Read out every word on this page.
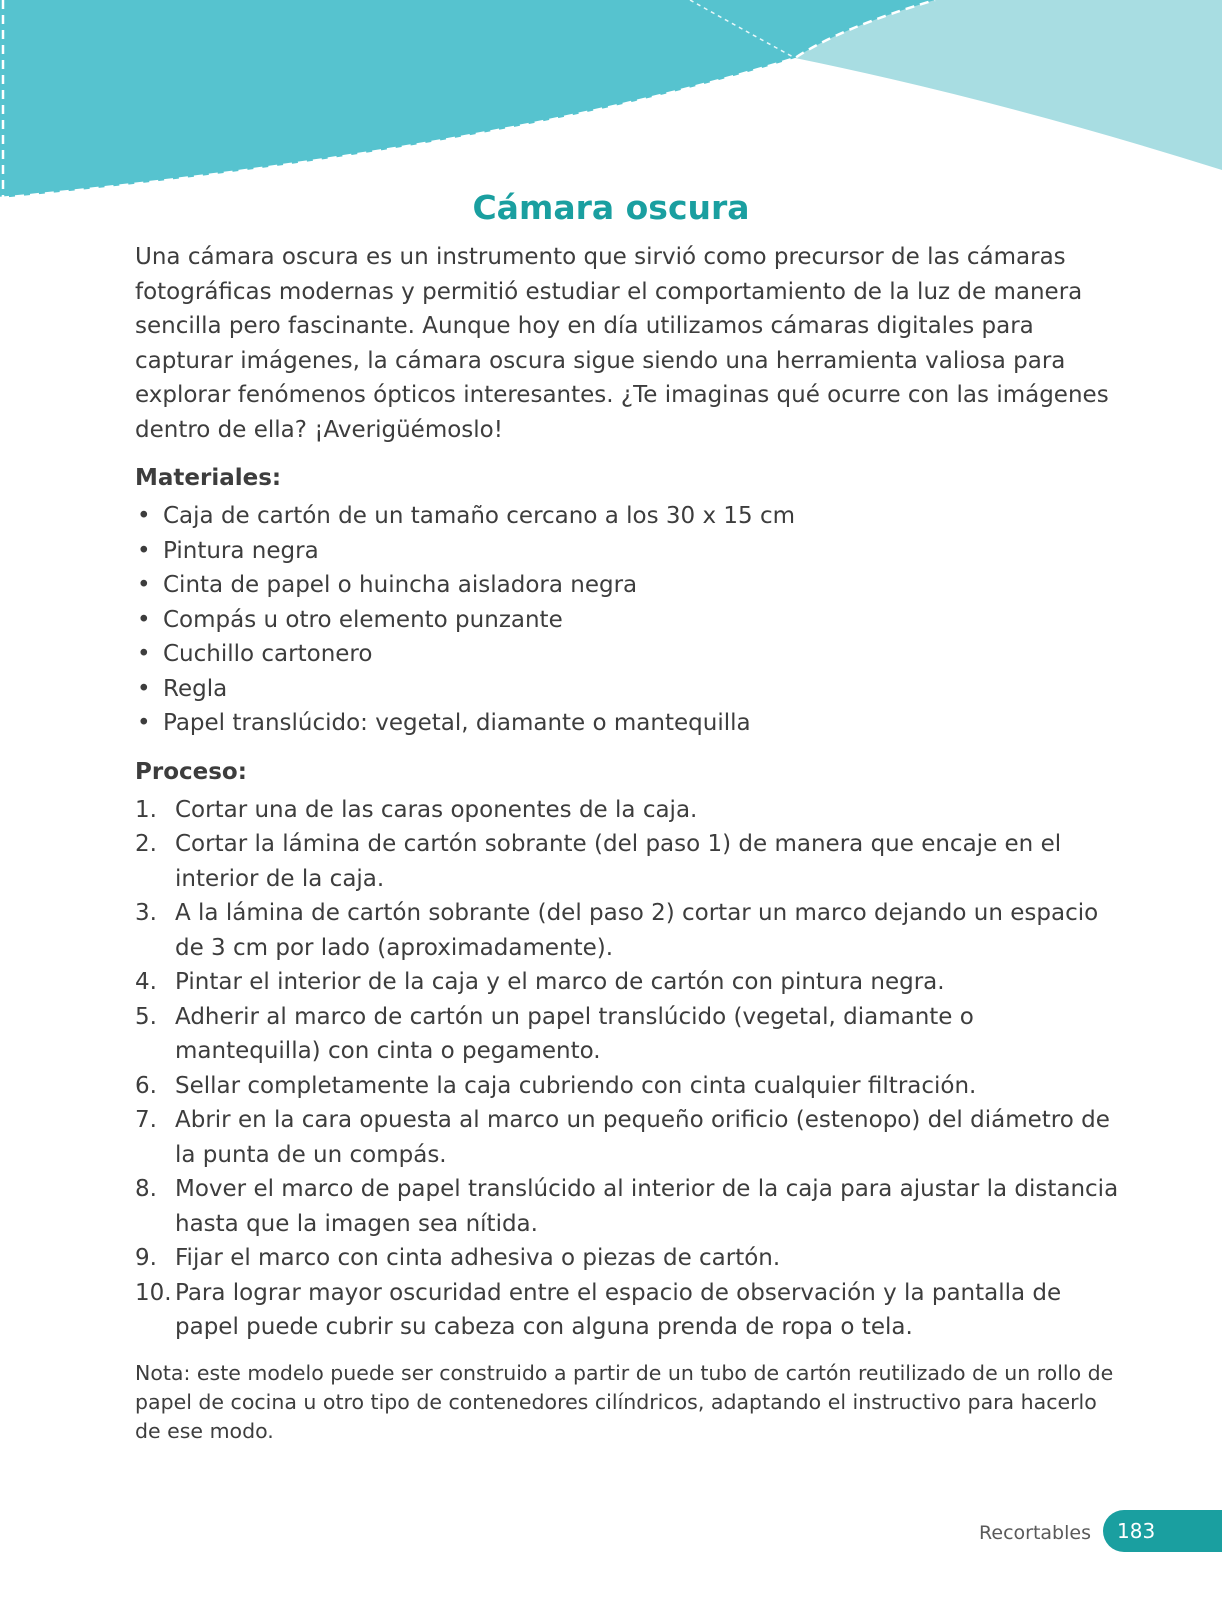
Cámara oscura

Una cámara oscura es un instrumento que sirvió como precursor de las cámaras fotográficas modernas y permitió estudiar el comportamiento de la luz de manera sencilla pero fascinante. Aunque hoy en día utilizamos cámaras digitales para capturar imágenes, la cámara oscura sigue siendo una herramienta valiosa para explorar fenómenos ópticos interesantes. ¿Te imaginas qué ocurre con las imágenes dentro de ella? ¡Averigüémoslo!

Materiales:
• Caja de cartón de un tamaño cercano a los 30 x 15 cm
• Pintura negra
• Cinta de papel o huincha aisladora negra
• Compás u otro elemento punzante
• Cuchillo cartonero
• Regla
• Papel translúcido: vegetal, diamante o mantequilla
Proceso:
1. Cortar una de las caras oponentes de la caja.
2. Cortar la lámina de cartón sobrante (del paso 1) de manera que encaje en el interior de la caja.
3. A la lámina de cartón sobrante (del paso 2) cortar un marco dejando un espacio de 3 cm por lado (aproximadamente).
4. Pintar el interior de la caja y el marco de cartón con pintura negra.
5. Adherir al marco de cartón un papel translúcido (vegetal, diamante o mantequilla) con cinta o pegamento.
6. Sellar completamente la caja cubriendo con cinta cualquier filtración.
7. Abrir en la cara opuesta al marco un pequeño orificio (estenopo) del diámetro de la punta de un compás.
8. Mover el marco de papel translúcido al interior de la caja para ajustar la distancia hasta que la imagen sea nítida.
9. Fijar el marco con cinta adhesiva o piezas de cartón.
10. Para lograr mayor oscuridad entre el espacio de observación y la pantalla de papel puede cubrir su cabeza con alguna prenda de ropa o tela.

Nota: este modelo puede ser construido a partir de un tubo de cartón reutilizado de un rollo de papel de cocina u otro tipo de contenedores cilíndricos, adaptando el instructivo para hacerlo de ese modo.

Recortables	183
